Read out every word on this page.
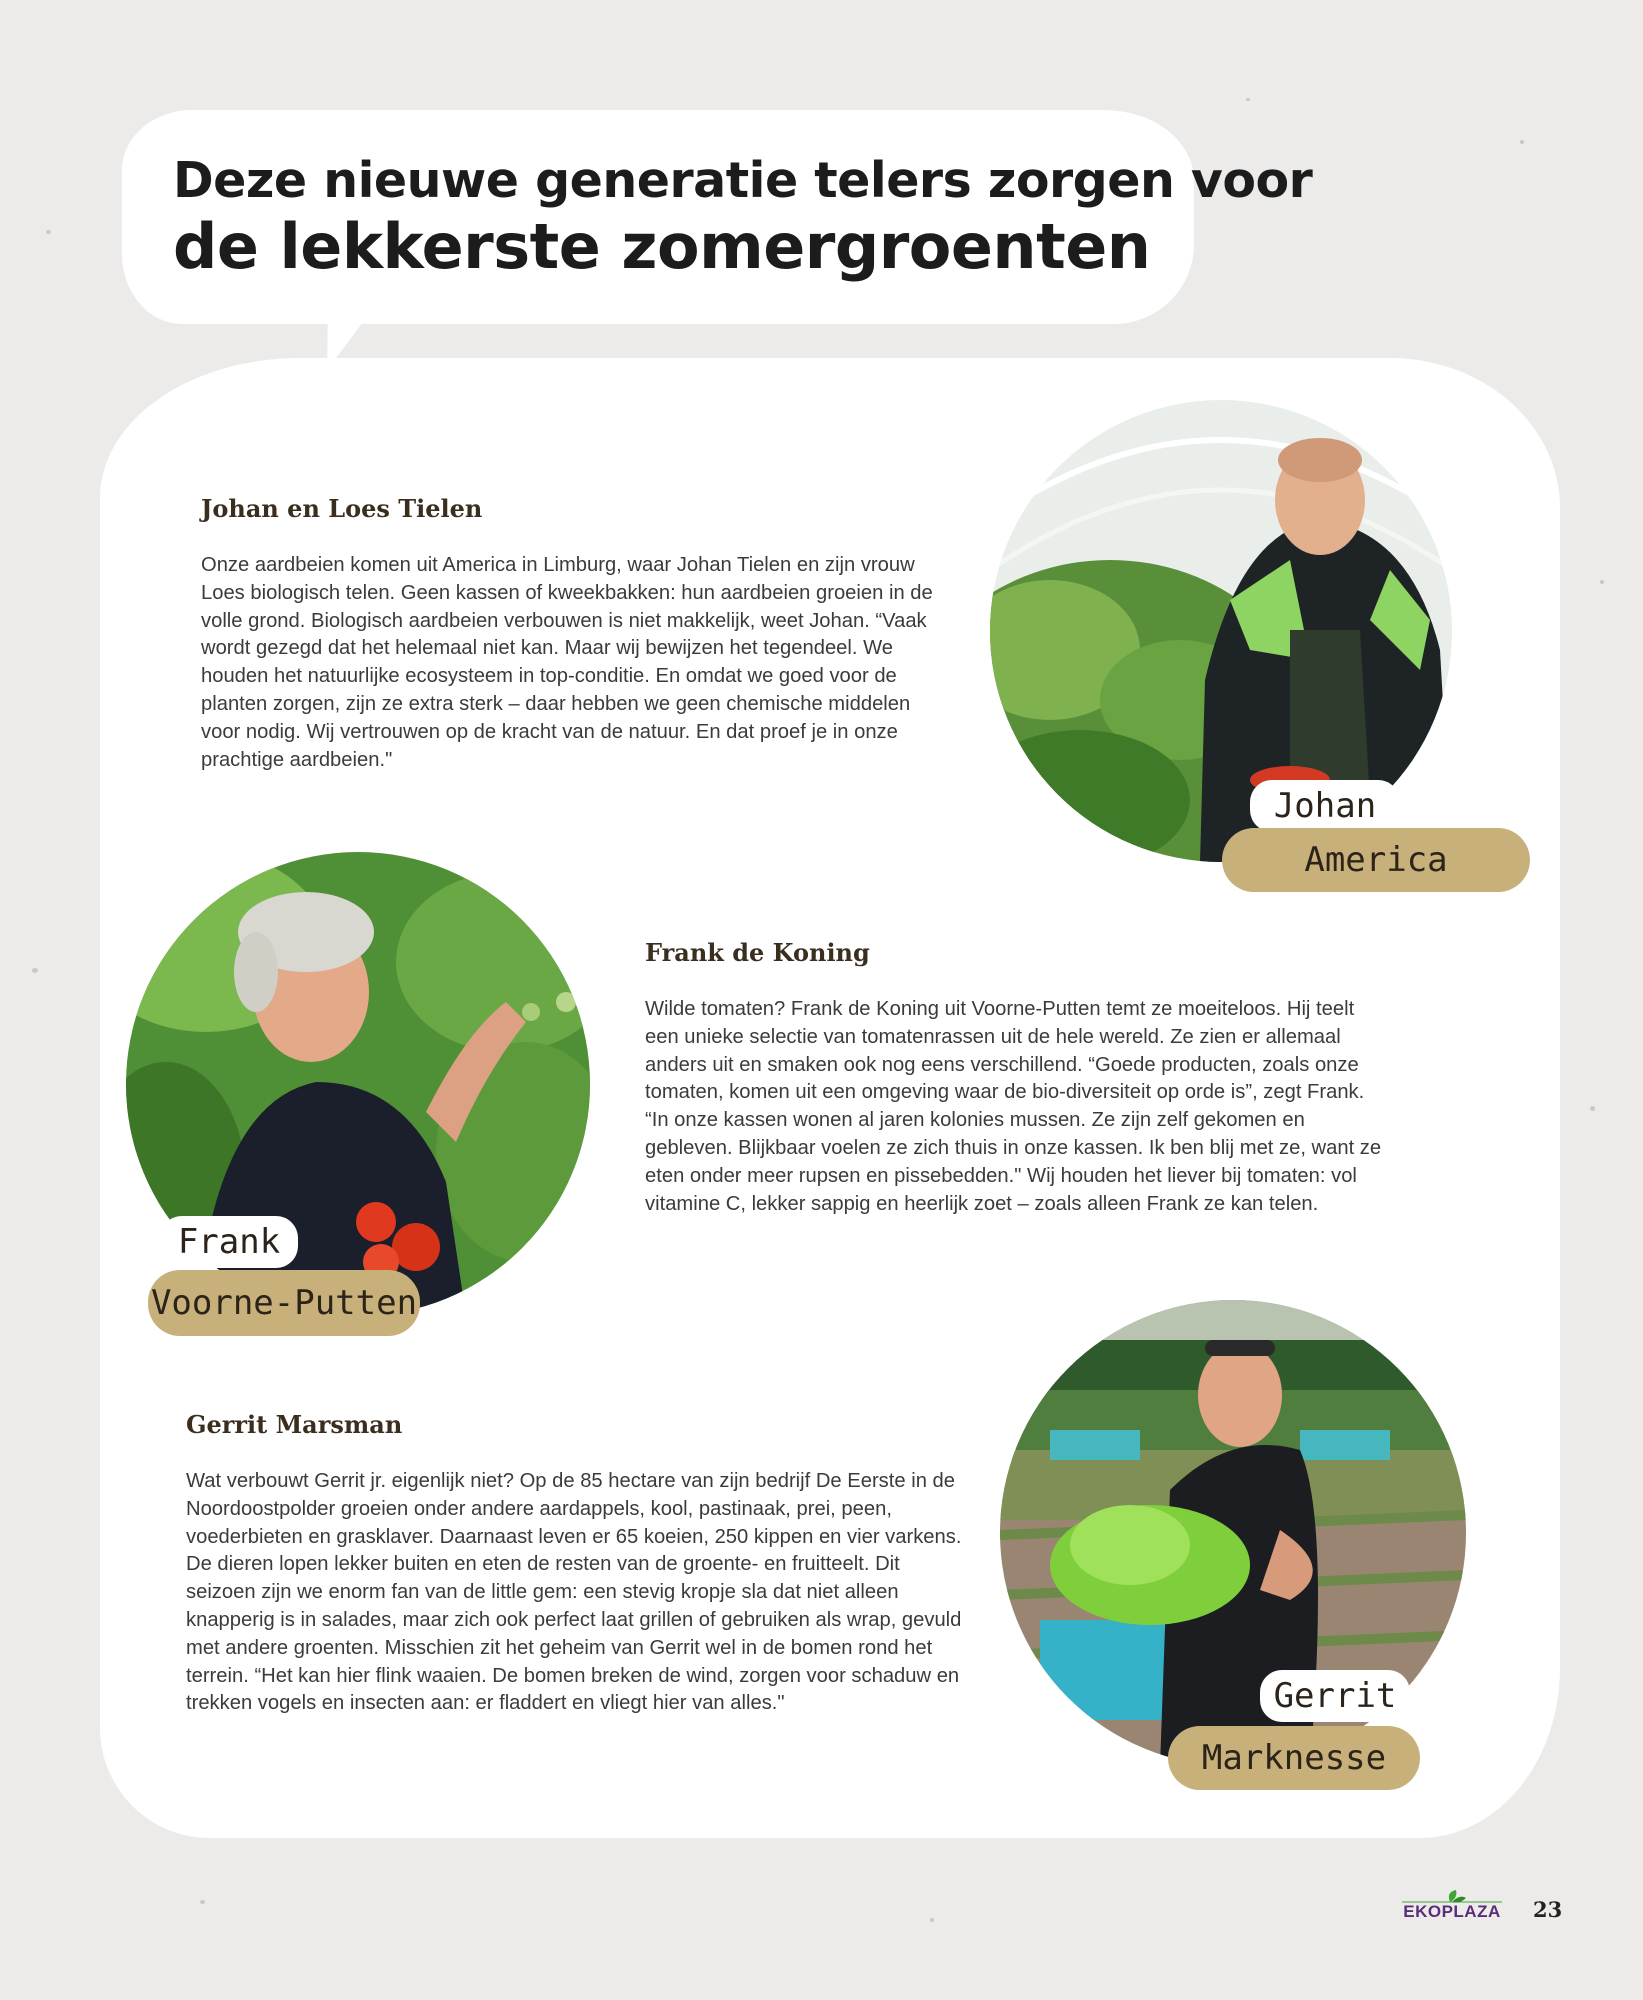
Deze nieuwe generatie telers zorgen voor
de lekkerste zomergroenten
Johan en Loes Tielen

Onze aardbeien komen uit America in Limburg, waar Johan Tielen en zijn vrouw Loes biologisch telen. Geen kassen of kweekbakken: hun aardbeien groeien in de volle grond. Biologisch aardbeien verbouwen is niet makkelijk, weet Johan. “Vaak wordt gezegd dat het helemaal niet kan. Maar wij bewijzen het tegendeel. We houden het natuurlijke ecosysteem in top-conditie. En omdat we goed voor de planten zorgen, zijn ze extra sterk – daar hebben we geen chemische middelen voor nodig. Wij vertrouwen op de kracht van de natuur. En dat proef je in onze prachtige aardbeien."

Johan
America
Frank
Voorne-Putten
Frank de Koning

Wilde tomaten? Frank de Koning uit Voorne-Putten temt ze moeiteloos. Hij teelt een unieke selectie van tomatenrassen uit de hele wereld. Ze zien er allemaal anders uit en smaken ook nog eens verschillend. “Goede producten, zoals onze tomaten, komen uit een omgeving waar de bio-diversiteit op orde is”, zegt Frank. “In onze kassen wonen al jaren kolonies mussen. Ze zijn zelf gekomen en gebleven. Blijkbaar voelen ze zich thuis in onze kassen. Ik ben blij met ze, want ze eten onder meer rupsen en pissebedden." Wij houden het liever bij tomaten: vol vitamine C, lekker sappig en heerlijk zoet – zoals alleen Frank ze kan telen.

Gerrit Marsman

Wat verbouwt Gerrit jr. eigenlijk niet? Op de 85 hectare van zijn bedrijf De Eerste in de Noordoostpolder groeien onder andere aardappels, kool, pastinaak, prei, peen, voederbieten en grasklaver. Daarnaast leven er 65 koeien, 250 kippen en vier varkens. De dieren lopen lekker buiten en eten de resten van de groente- en fruitteelt. Dit seizoen zijn we enorm fan van de little gem: een stevig kropje sla dat niet alleen knapperig is in salades, maar zich ook perfect laat grillen of gebruiken als wrap, gevuld met andere groenten. Misschien zit het geheim van Gerrit wel in de bomen rond het terrein. “Het kan hier flink waaien. De bomen breken de wind, zorgen voor schaduw en trekken vogels en insecten aan: er fladdert en vliegt hier van alles."	Gerrit
Marknesse
EKOPLAZA 23
